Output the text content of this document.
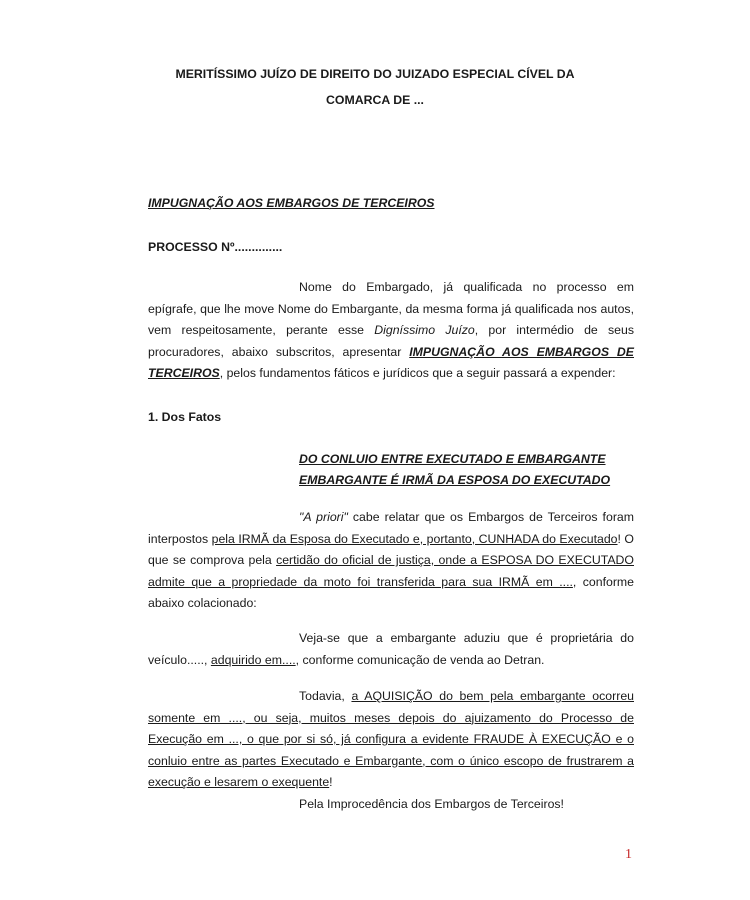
MERITÍSSIMO JUÍZO DE DIREITO DO JUIZADO ESPECIAL CÍVEL DA
COMARCA DE ...
IMPUGNAÇÃO AOS EMBARGOS DE TERCEIROS
PROCESSO Nº..............

Nome do Embargado, já qualificada no processo em epígrafe, que lhe move Nome do Embargante, da mesma forma já qualificada nos autos, vem respeitosamente, perante esse Digníssimo Juízo, por intermédio de seus procuradores, abaixo subscritos, apresentar IMPUGNAÇÃO AOS EMBARGOS DE TERCEIROS, pelos fundamentos fáticos e jurídicos que a seguir passará a expender:

1. Dos Fatos
DO CONLUIO ENTRE EXECUTADO E EMBARGANTE
EMBARGANTE É IRMÃ DA ESPOSA DO EXECUTADO

"A priori" cabe relatar que os Embargos de Terceiros foram interpostos pela IRMÃ da Esposa do Executado e, portanto, CUNHADA do Executado! O que se comprova pela certidão do oficial de justiça, onde a ESPOSA DO EXECUTADO admite que a propriedade da moto foi transferida para sua IRMÃ em ...., conforme abaixo colacionado:

Veja-se que a embargante aduziu que é proprietária do veículo....., adquirido em...., conforme comunicação de venda ao Detran.

Todavia, a AQUISIÇÃO do bem pela embargante ocorreu somente em ...., ou seja, muitos meses depois do ajuizamento do Processo de Execução em ..., o que por si só, já configura a evidente FRAUDE À EXECUÇÃO e o conluio entre as partes Executado e Embargante, com o único escopo de frustrarem a execução e lesarem o exequente!

Pela Improcedência dos Embargos de Terceiros!
1
